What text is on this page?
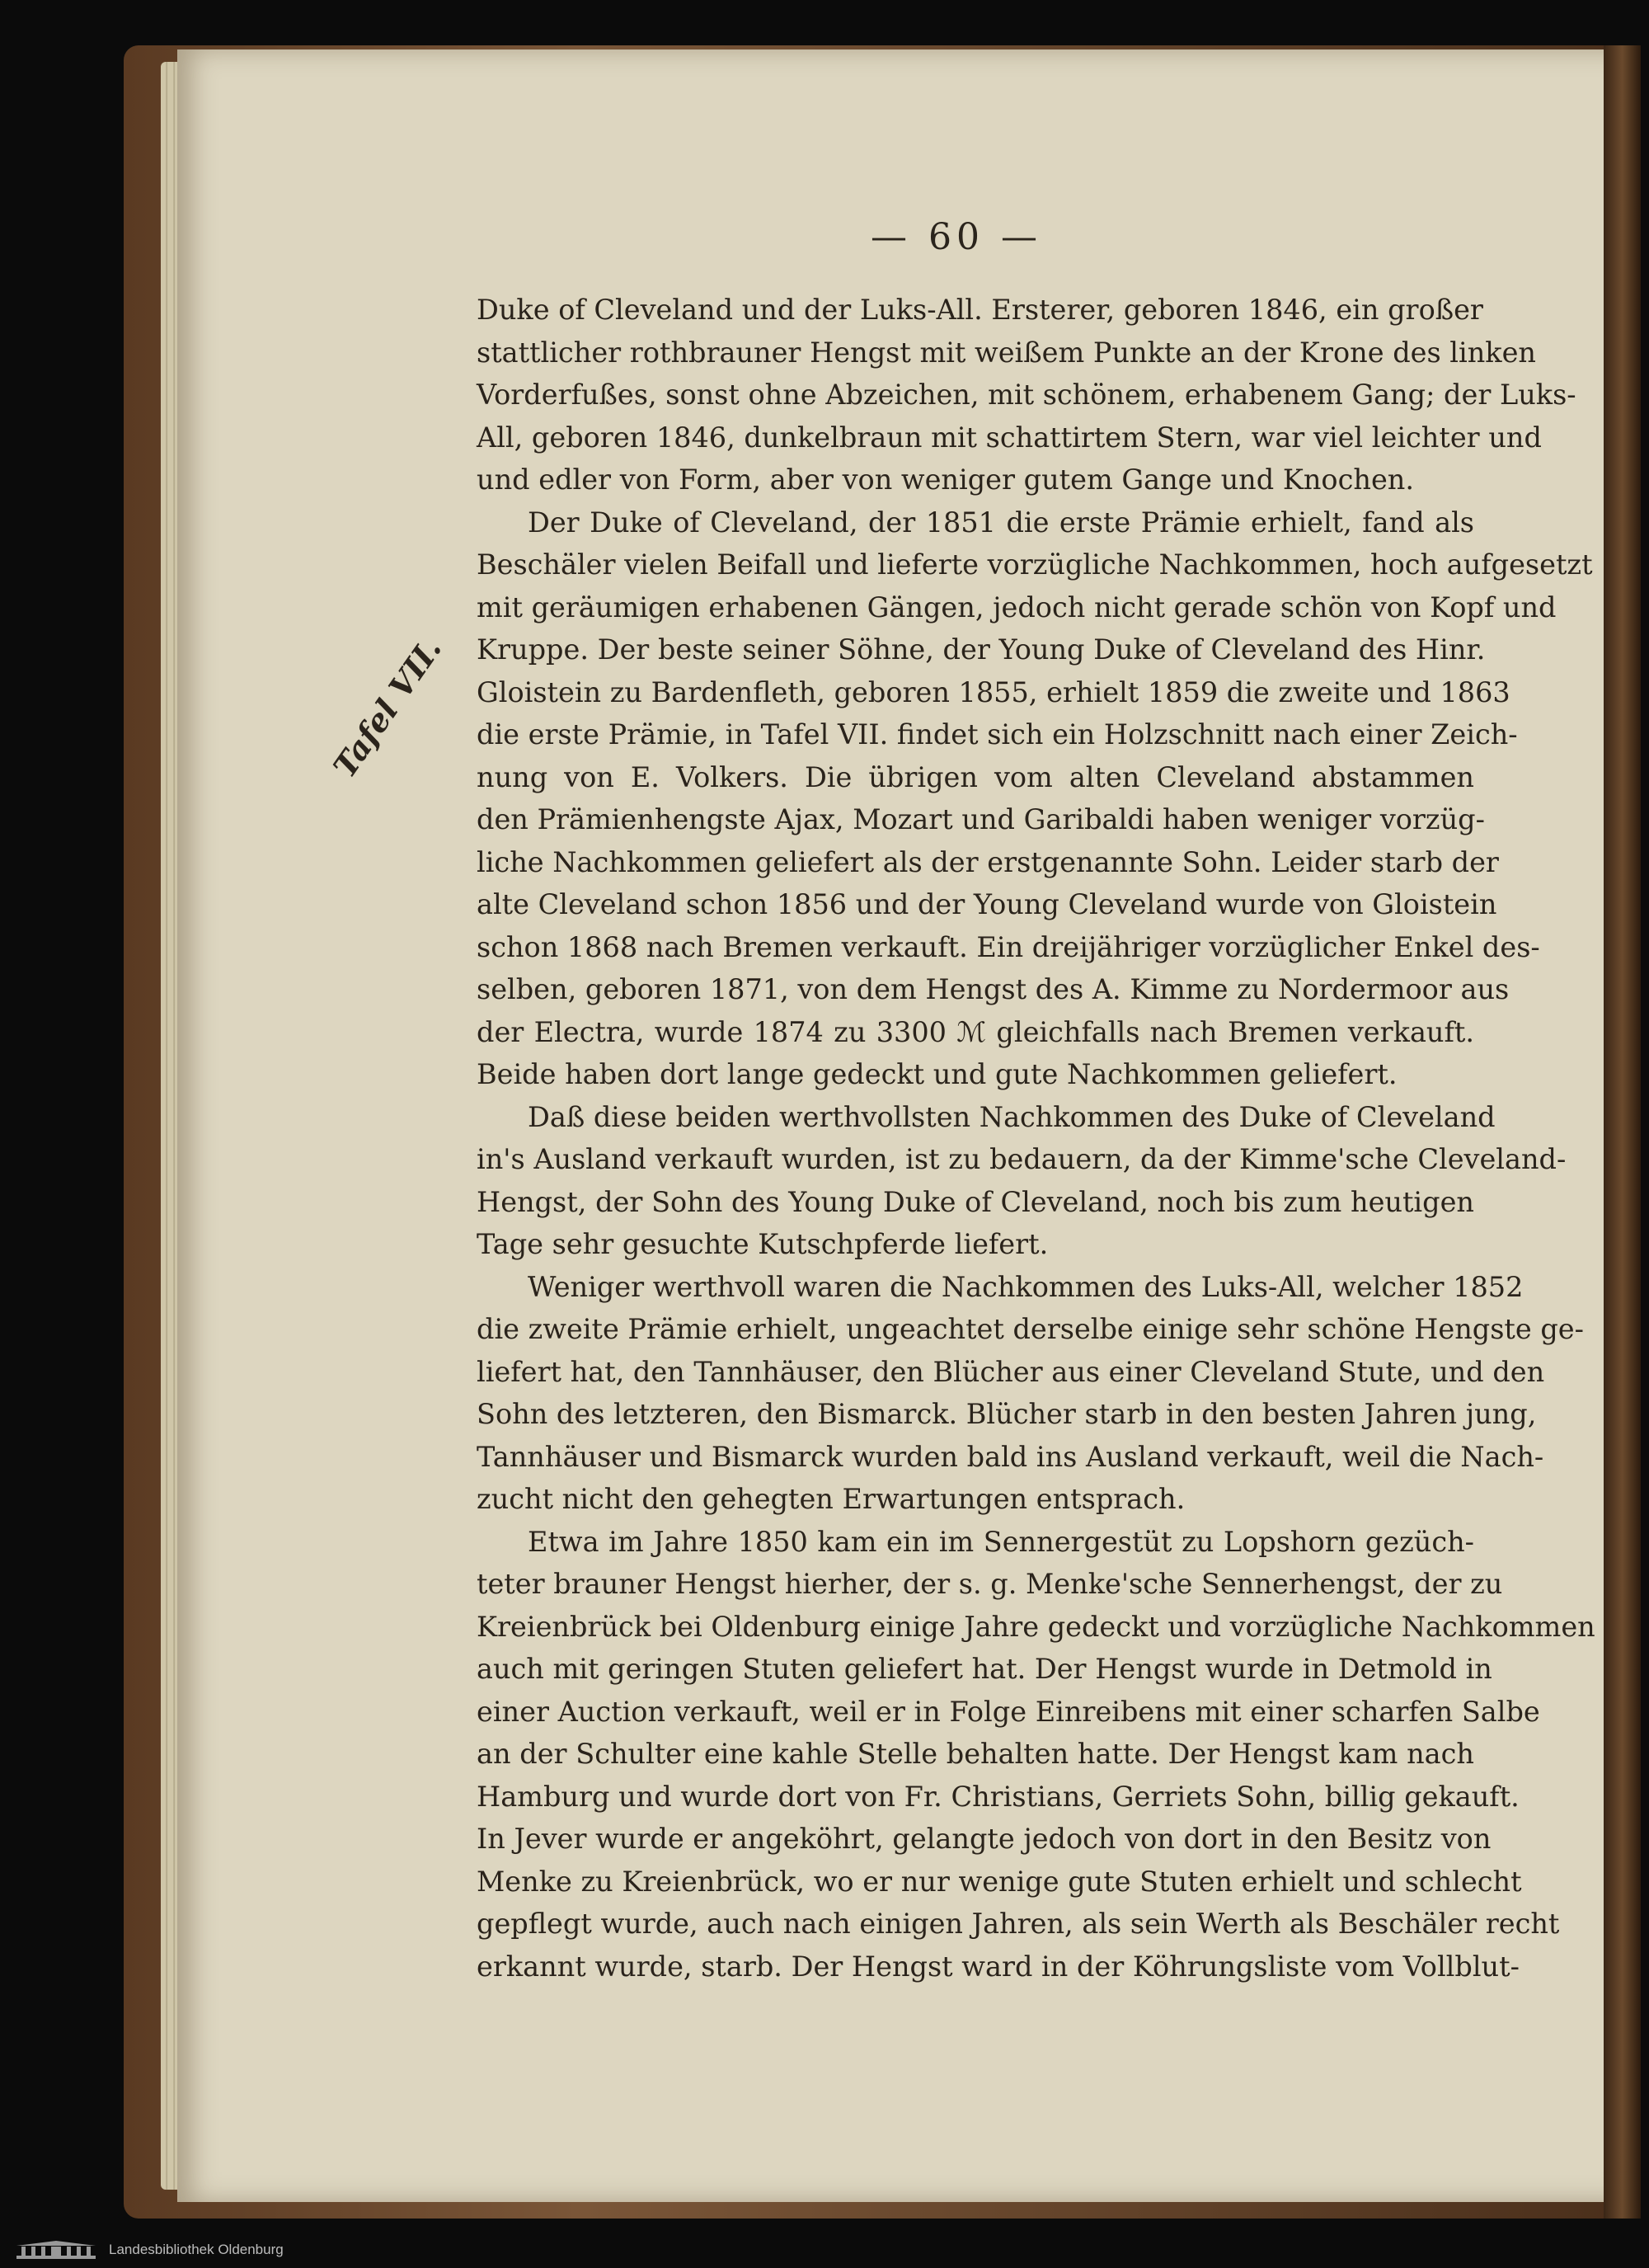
— 60 —
Tafel VII.
Duke of Cleveland und der Luks-All. Ersterer, geboren 1846, ein großer
stattlicher rothbrauner Hengst mit weißem Punkte an der Krone des linken
Vorderfußes, sonst ohne Abzeichen, mit schönem, erhabenem Gang; der Luks-
All, geboren 1846, dunkelbraun mit schattirtem Stern, war viel leichter und
und edler von Form, aber von weniger gutem Gange und Knochen.
Der Duke of Cleveland, der 1851 die erste Prämie erhielt, fand als
Beschäler vielen Beifall und lieferte vorzügliche Nachkommen, hoch aufgesetzt
mit geräumigen erhabenen Gängen, jedoch nicht gerade schön von Kopf und
Kruppe. Der beste seiner Söhne, der Young Duke of Cleveland des Hinr.
Gloistein zu Bardenfleth, geboren 1855, erhielt 1859 die zweite und 1863
die erste Prämie, in Tafel VII. findet sich ein Holzschnitt nach einer Zeich-
nung von E. Volkers. Die übrigen vom alten Cleveland abstammen
den Prämienhengste Ajax, Mozart und Garibaldi haben weniger vorzüg-
liche Nachkommen geliefert als der erstgenannte Sohn. Leider starb der
alte Cleveland schon 1856 und der Young Cleveland wurde von Gloistein
schon 1868 nach Bremen verkauft. Ein dreijähriger vorzüglicher Enkel des-
selben, geboren 1871, von dem Hengst des A. Kimme zu Nordermoor aus
der Electra, wurde 1874 zu 3300 ℳ gleichfalls nach Bremen verkauft.
Beide haben dort lange gedeckt und gute Nachkommen geliefert.
Daß diese beiden werthvollsten Nachkommen des Duke of Cleveland
in's Ausland verkauft wurden, ist zu bedauern, da der Kimme'sche Cleveland-
Hengst, der Sohn des Young Duke of Cleveland, noch bis zum heutigen
Tage sehr gesuchte Kutschpferde liefert.
Weniger werthvoll waren die Nachkommen des Luks-All, welcher 1852
die zweite Prämie erhielt, ungeachtet derselbe einige sehr schöne Hengste ge-
liefert hat, den Tannhäuser, den Blücher aus einer Cleveland Stute, und den
Sohn des letzteren, den Bismarck. Blücher starb in den besten Jahren jung,
Tannhäuser und Bismarck wurden bald ins Ausland verkauft, weil die Nach-
zucht nicht den gehegten Erwartungen entsprach.
Etwa im Jahre 1850 kam ein im Sennergestüt zu Lopshorn gezüch-
teter brauner Hengst hierher, der s. g. Menke'sche Sennerhengst, der zu
Kreienbrück bei Oldenburg einige Jahre gedeckt und vorzügliche Nachkommen
auch mit geringen Stuten geliefert hat. Der Hengst wurde in Detmold in
einer Auction verkauft, weil er in Folge Einreibens mit einer scharfen Salbe
an der Schulter eine kahle Stelle behalten hatte. Der Hengst kam nach
Hamburg und wurde dort von Fr. Christians, Gerriets Sohn, billig gekauft.
In Jever wurde er angeköhrt, gelangte jedoch von dort in den Besitz von
Menke zu Kreienbrück, wo er nur wenige gute Stuten erhielt und schlecht
gepflegt wurde, auch nach einigen Jahren, als sein Werth als Beschäler recht
erkannt wurde, starb. Der Hengst ward in der Köhrungsliste vom Vollblut-
Landesbibliothek Oldenburg
